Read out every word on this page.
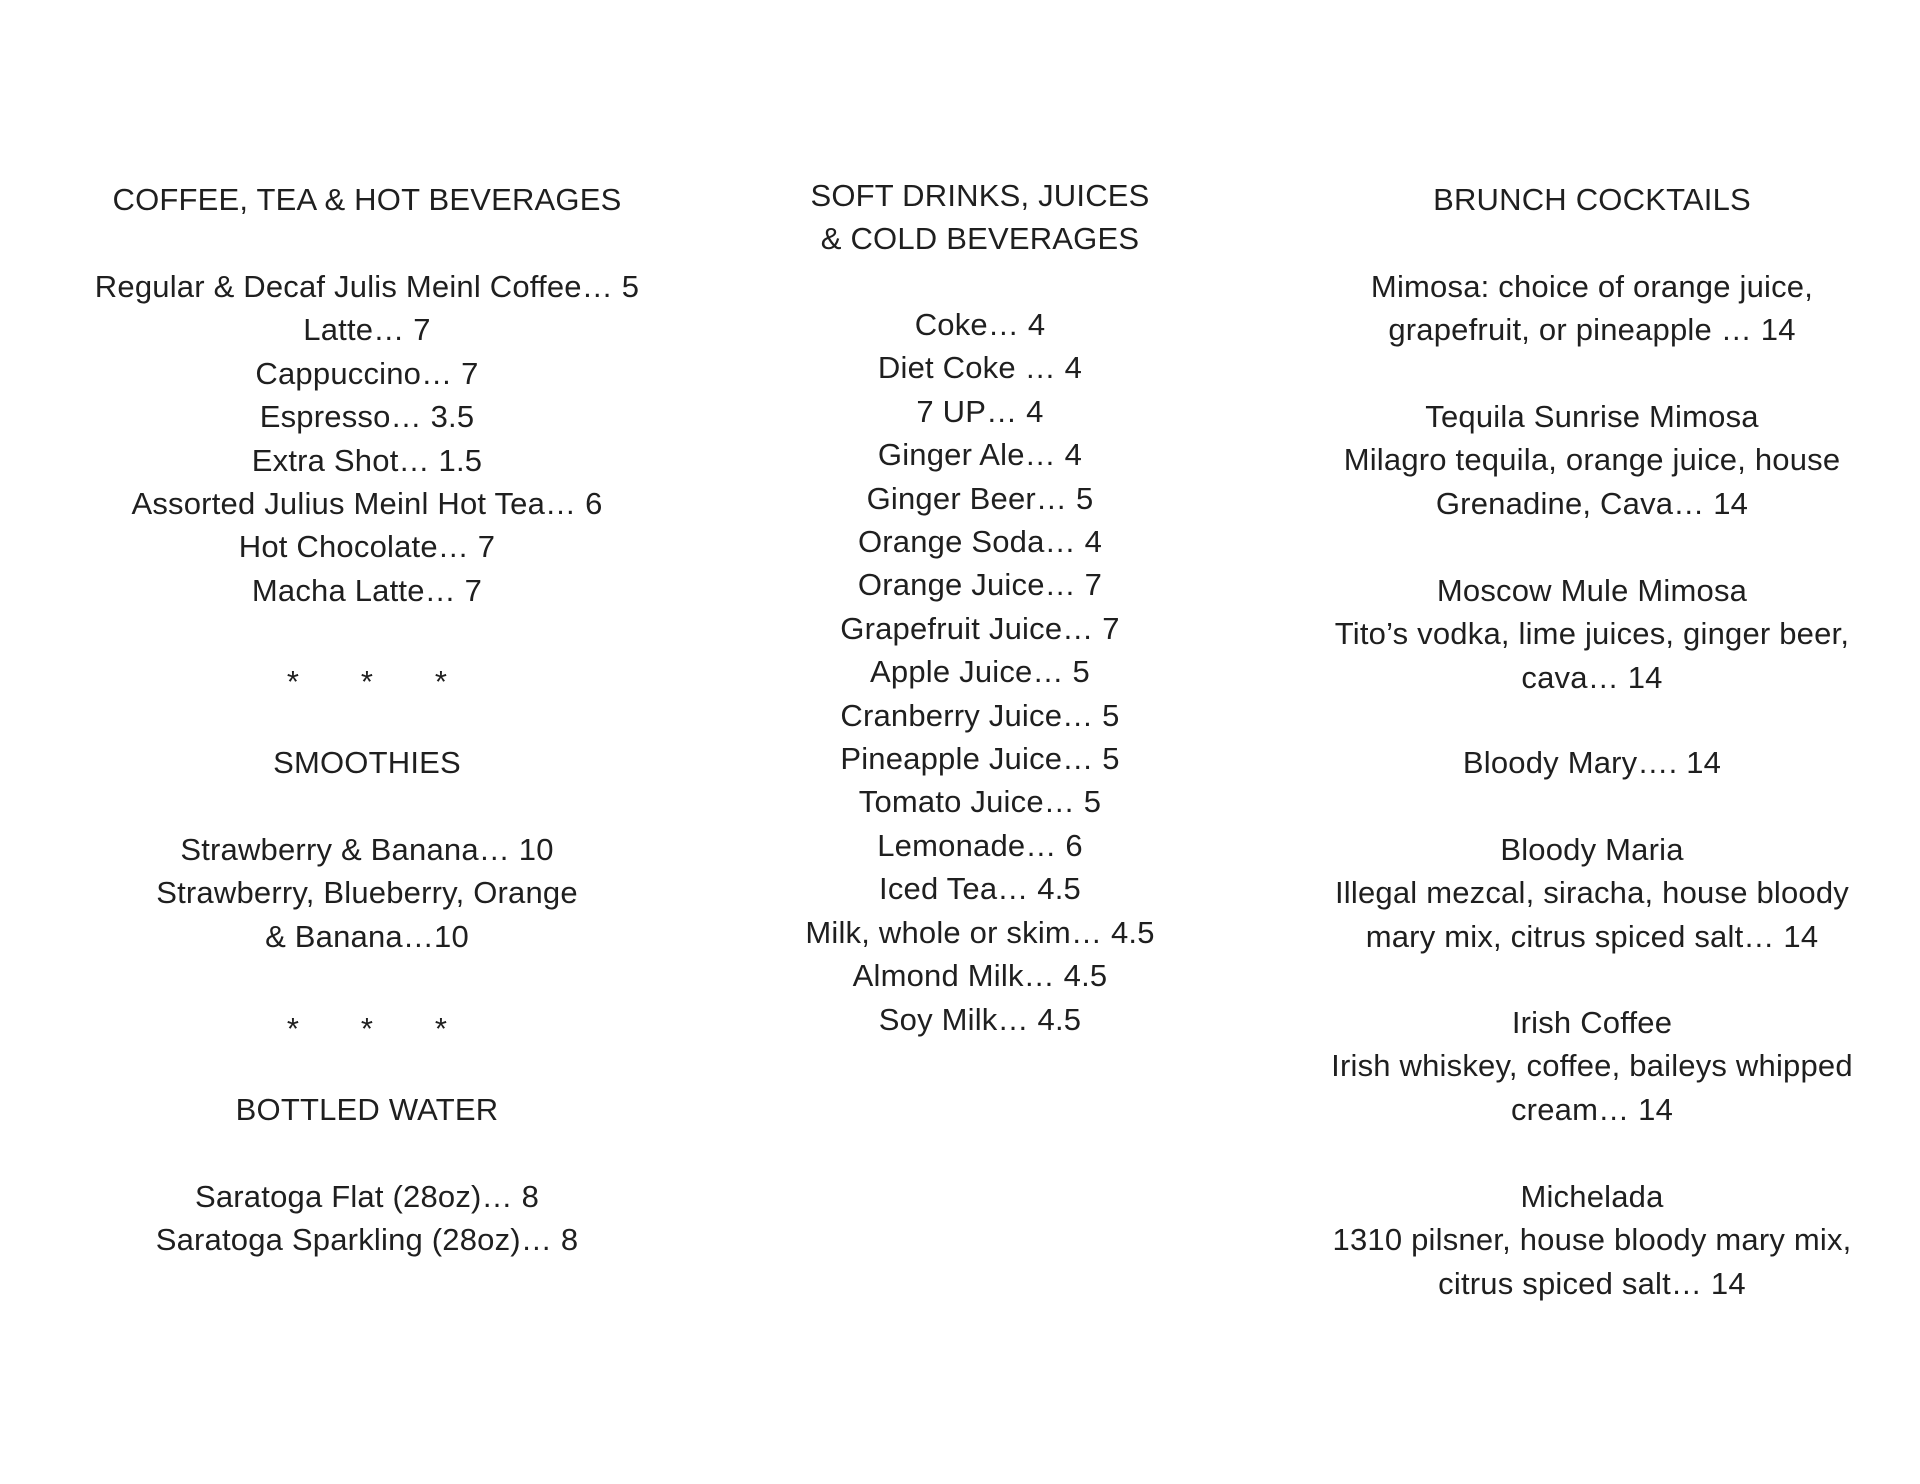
COFFEE, TEA & HOT BEVERAGES
Regular & Decaf Julis Meinl Coffee… 5
Latte… 7
Cappuccino… 7
Espresso… 3.5
Extra Shot… 1.5
Assorted Julius Meinl Hot Tea… 6
Hot Chocolate… 7
Macha Latte… 7
*       *       *
SMOOTHIES
Strawberry & Banana… 10
Strawberry, Blueberry, Orange
& Banana…10
*       *       *
BOTTLED WATER
Saratoga Flat (28oz)… 8
Saratoga Sparkling (28oz)… 8
SOFT DRINKS, JUICES
& COLD BEVERAGES
Coke… 4
Diet Coke … 4
7 UP… 4
Ginger Ale… 4
Ginger Beer… 5
Orange Soda… 4
Orange Juice… 7
Grapefruit Juice… 7
Apple Juice… 5
Cranberry Juice… 5
Pineapple Juice… 5
Tomato Juice… 5
Lemonade… 6
Iced Tea… 4.5
Milk, whole or skim… 4.5
Almond Milk… 4.5
Soy Milk… 4.5
BRUNCH COCKTAILS
Mimosa: choice of orange juice,
grapefruit, or pineapple … 14
Tequila Sunrise Mimosa
Milagro tequila, orange juice, house
Grenadine, Cava… 14
Moscow Mule Mimosa
Tito’s vodka, lime juices, ginger beer,
cava… 14
Bloody Mary…. 14
Bloody Maria
Illegal mezcal, siracha, house bloody
mary mix, citrus spiced salt… 14
Irish Coffee
Irish whiskey, coffee, baileys whipped
cream… 14
Michelada
1310 pilsner, house bloody mary mix,
citrus spiced salt… 14
